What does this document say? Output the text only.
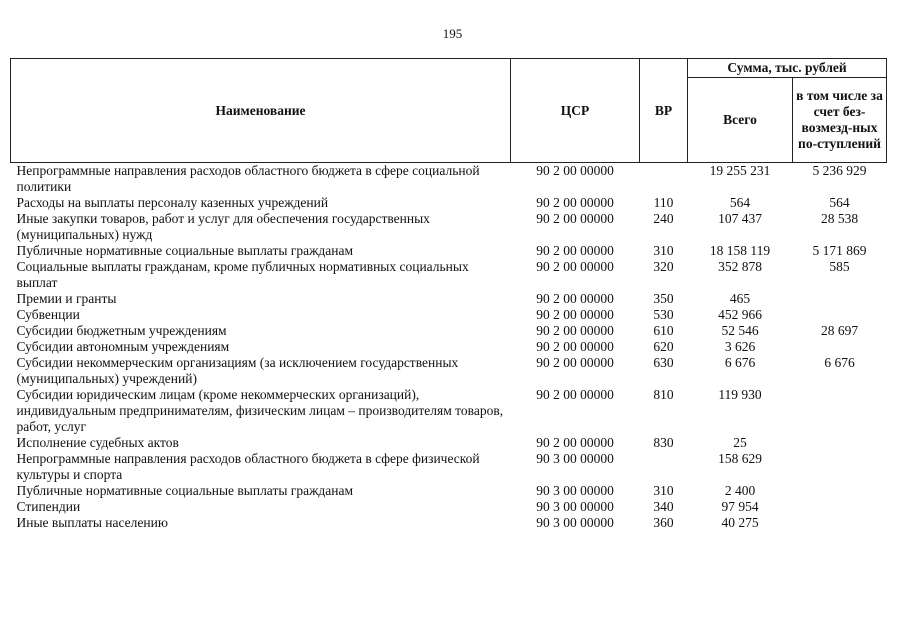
195
Наименование	ЦСР	ВР	Сумма, тыс. рублей	
			Всего	в том числе за счет без-возмезд-ных по-ступлений
Непрограммные направления расходов областного бюджета в сфере социальной политики	90 2 00 00000		19 255 231	5 236 929
Расходы на выплаты персоналу казенных учреждений	90 2 00 00000	110	564	564
Иные закупки товаров, работ и услуг для обеспечения государственных (муниципальных) нужд	90 2 00 00000	240	107 437	28 538
Публичные нормативные социальные выплаты гражданам	90 2 00 00000	310	18 158 119	5 171 869
Социальные выплаты гражданам, кроме публичных нормативных социальных выплат	90 2 00 00000	320	352 878	585
Премии и гранты	90 2 00 00000	350	465	
Субвенции	90 2 00 00000	530	452 966	
Субсидии бюджетным учреждениям	90 2 00 00000	610	52 546	28 697
Субсидии автономным учреждениям	90 2 00 00000	620	3 626	
Субсидии некоммерческим организациям (за исключением государственных (муниципальных) учреждений)	90 2 00 00000	630	6 676	6 676
Субсидии юридическим лицам (кроме некоммерческих организаций), индивидуальным предпринимателям, физическим лицам – производителям товаров, работ, услуг	90 2 00 00000	810	119 930	
Исполнение судебных актов	90 2 00 00000	830	25	
Непрограммные направления расходов областного бюджета в сфере физической культуры и спорта	90 3 00 00000		158 629	
Публичные нормативные социальные выплаты гражданам	90 3 00 00000	310	2 400	
Стипендии	90 3 00 00000	340	97 954	
Иные выплаты населению	90 3 00 00000	360	40 275	
